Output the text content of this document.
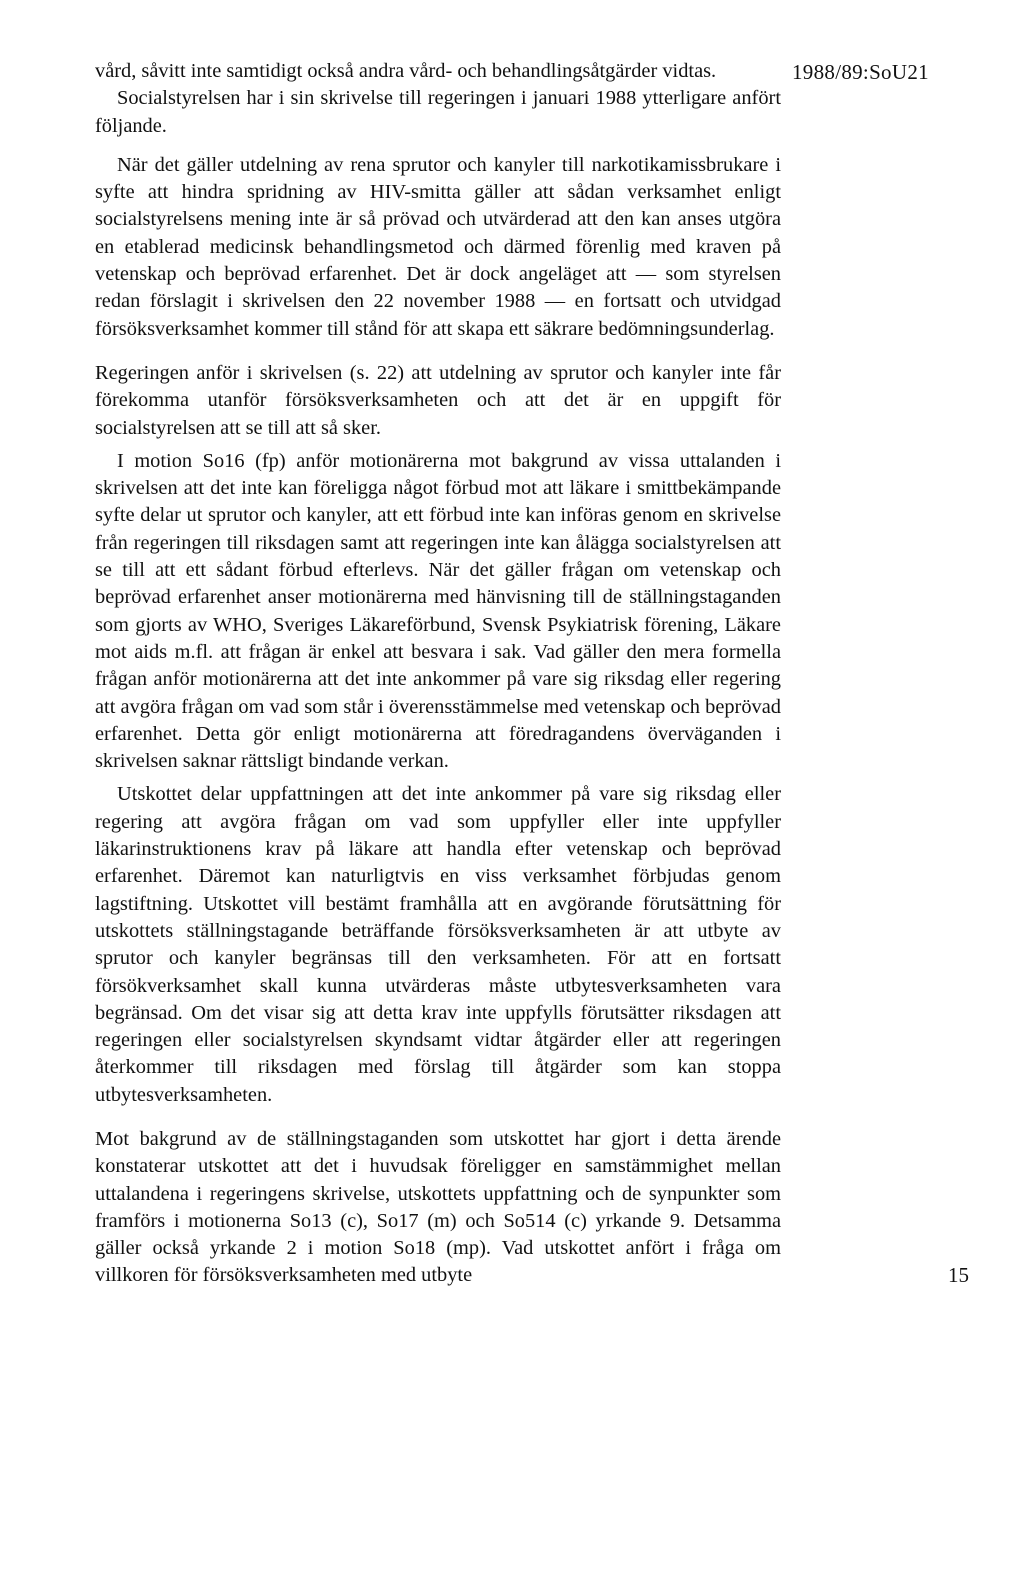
1988/89:SoU21

vård, såvitt inte samtidigt också andra vård- och behandlingsåtgärder vidtas.

Socialstyrelsen har i sin skrivelse till regeringen i januari 1988 ytterligare anfört följande.

När det gäller utdelning av rena sprutor och kanyler till narkotikamissbrukare i syfte att hindra spridning av HIV-smitta gäller att sådan verksamhet enligt socialstyrelsens mening inte är så prövad och utvärderad att den kan anses utgöra en etablerad medicinsk behandlingsmetod och därmed förenlig med kraven på vetenskap och beprövad erfarenhet. Det är dock angeläget att — som styrelsen redan förslagit i skrivelsen den 22 november 1988 — en fortsatt och utvidgad försöksverksamhet kommer till stånd för att skapa ett säkrare bedömningsunderlag.

Regeringen anför i skrivelsen (s. 22) att utdelning av sprutor och kanyler inte får förekomma utanför försöksverksamheten och att det är en uppgift för socialstyrelsen att se till att så sker.

I motion So16 (fp) anför motionärerna mot bakgrund av vissa uttalanden i skrivelsen att det inte kan föreligga något förbud mot att läkare i smittbekämpande syfte delar ut sprutor och kanyler, att ett förbud inte kan införas genom en skrivelse från regeringen till riksdagen samt att regeringen inte kan ålägga socialstyrelsen att se till att ett sådant förbud efterlevs. När det gäller frågan om vetenskap och beprövad erfarenhet anser motionärerna med hänvisning till de ställningstaganden som gjorts av WHO, Sveriges Läkareförbund, Svensk Psykiatrisk förening, Läkare mot aids m.fl. att frågan är enkel att besvara i sak. Vad gäller den mera formella frågan anför motionärerna att det inte ankommer på vare sig riksdag eller regering att avgöra frågan om vad som står i överensstämmelse med vetenskap och beprövad erfarenhet. Detta gör enligt motionärerna att föredragandens överväganden i skrivelsen saknar rättsligt bindande verkan.

Utskottet delar uppfattningen att det inte ankommer på vare sig riksdag eller regering att avgöra frågan om vad som uppfyller eller inte uppfyller läkarinstruktionens krav på läkare att handla efter vetenskap och beprövad erfarenhet. Däremot kan naturligtvis en viss verksamhet förbjudas genom lagstiftning. Utskottet vill bestämt framhålla att en avgörande förutsättning för utskottets ställningstagande beträffande försöksverksamheten är att utbyte av sprutor och kanyler begränsas till den verksamheten. För att en fortsatt försökverksamhet skall kunna utvärderas måste utbytesverksamheten vara begränsad. Om det visar sig att detta krav inte uppfylls förutsätter riksdagen att regeringen eller socialstyrelsen skyndsamt vidtar åtgärder eller att regeringen återkommer till riksdagen med förslag till åtgärder som kan stoppa utbytesverksamheten.

Mot bakgrund av de ställningstaganden som utskottet har gjort i detta ärende konstaterar utskottet att det i huvudsak föreligger en samstämmighet mellan uttalandena i regeringens skrivelse, utskottets uppfattning och de synpunkter som framförs i motionerna So13 (c), So17 (m) och So514 (c) yrkande 9. Detsamma gäller också yrkande 2 i motion So18 (mp). Vad utskottet anfört i fråga om villkoren för försöksverksamheten med utbyte	15
